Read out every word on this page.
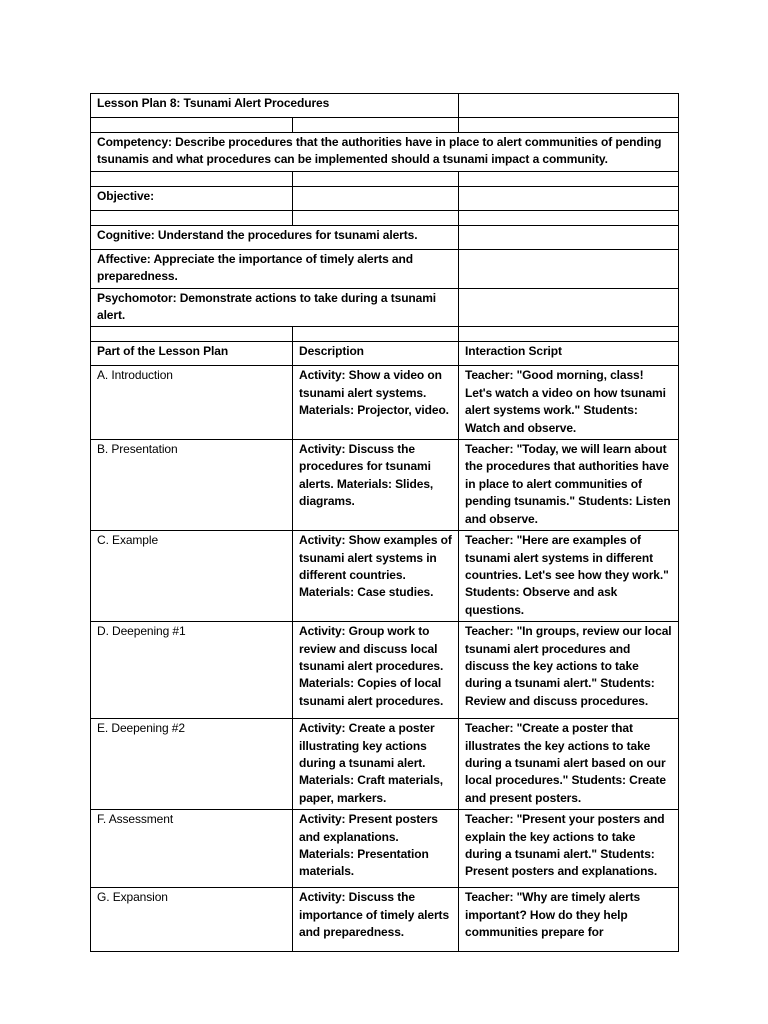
Lesson Plan 8: Tsunami Alert Procedures		

Competency: Describe procedures that the authorities have in place to alert communities of pending tsunamis and what procedures can be implemented should a tsunami impact a community.		

Objective:		

Cognitive: Understand the procedures for tsunami alerts.		
Affective: Appreciate the importance of timely alerts and preparedness.		
Psychomotor: Demonstrate actions to take during a tsunami alert.		

Part of the Lesson Plan	Description	Interaction Script
A. Introduction	Activity: Show a video on tsunami alert systems. Materials: Projector, video.	Teacher: "Good morning, class! Let's watch a video on how tsunami alert systems work." Students: Watch and observe.
B. Presentation	Activity: Discuss the procedures for tsunami alerts. Materials: Slides, diagrams.	Teacher: "Today, we will learn about the procedures that authorities have in place to alert communities of pending tsunamis." Students: Listen and observe.
C. Example	Activity: Show examples of tsunami alert systems in different countries. Materials: Case studies.	Teacher: "Here are examples of tsunami alert systems in different countries. Let's see how they work." Students: Observe and ask questions.
D. Deepening #1	Activity: Group work to review and discuss local tsunami alert procedures. Materials: Copies of local tsunami alert procedures.	Teacher: "In groups, review our local tsunami alert procedures and discuss the key actions to take during a tsunami alert." Students: Review and discuss procedures.
E. Deepening #2	Activity: Create a poster illustrating key actions during a tsunami alert. Materials: Craft materials, paper, markers.	Teacher: "Create a poster that illustrates the key actions to take during a tsunami alert based on our local procedures." Students: Create and present posters.
F. Assessment	Activity: Present posters and explanations. Materials: Presentation materials.	Teacher: "Present your posters and explain the key actions to take during a tsunami alert." Students: Present posters and explanations.
G. Expansion	Activity: Discuss the importance of timely alerts and preparedness.	Teacher: "Why are timely alerts important? How do they help communities prepare for
